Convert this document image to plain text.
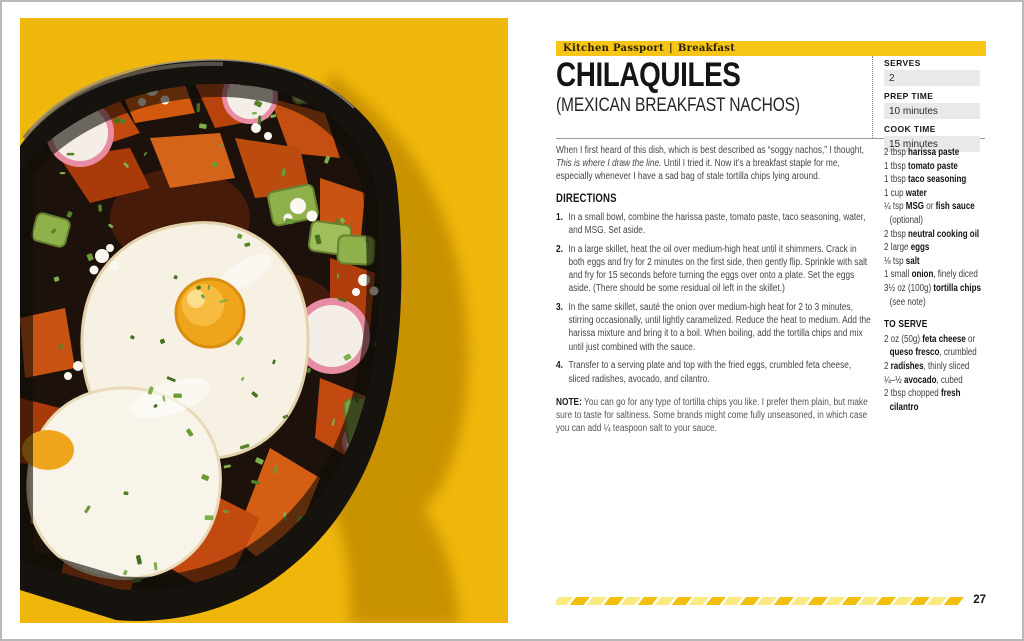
Kitchen Passport | Breakfast
CHILAQUILES
(MEXICAN BREAKFAST NACHOS)
SERVES
2
PREP TIME
10 minutes
COOK TIME
15 minutes
When I first heard of this dish, which is best described as “soggy nachos,” I thought, This is where I draw the line. Until I tried it. Now it’s a breakfast staple for me, especially whenever I have a sad bag of stale tortilla chips lying around.
DIRECTIONS
1. In a small bowl, combine the harissa paste, tomato paste, taco seasoning, water, and MSG. Set aside.
2. In a large skillet, heat the oil over medium-high heat until it shimmers. Crack in both eggs and fry for 2 minutes on the first side, then gently flip. Sprinkle with salt and fry for 15 seconds before turning the eggs over onto a plate. Set the eggs aside. (There should be some residual oil left in the skillet.)
3. In the same skillet, sauté the onion over medium-high heat for 2 to 3 minutes, stirring occasionally, until lightly caramelized. Reduce the heat to medium. Add the harissa mixture and bring it to a boil. When boiling, add the tortilla chips and mix until just combined with the sauce.
4. Transfer to a serving plate and top with the fried eggs, crumbled feta cheese, sliced radishes, avocado, and cilantro.
NOTE: You can go for any type of tortilla chips you like. I prefer them plain, but make sure to taste for saltiness. Some brands might come fully unseasoned, in which case you can add ¼ teaspoon salt to your sauce.
2 tbsp harissa paste
1 tbsp tomato paste
1 tbsp taco seasoning
1 cup water
¼ tsp MSG or fish sauce (optional)
2 tbsp neutral cooking oil
2 large eggs
⅛ tsp salt
1 small onion, finely diced
3½ oz (100g) tortilla chips (see note)
TO SERVE
2 oz (50g) feta cheese or queso fresco, crumbled
2 radishes, thinly sliced
¼–½ avocado, cubed
2 tbsp chopped fresh cilantro
27
